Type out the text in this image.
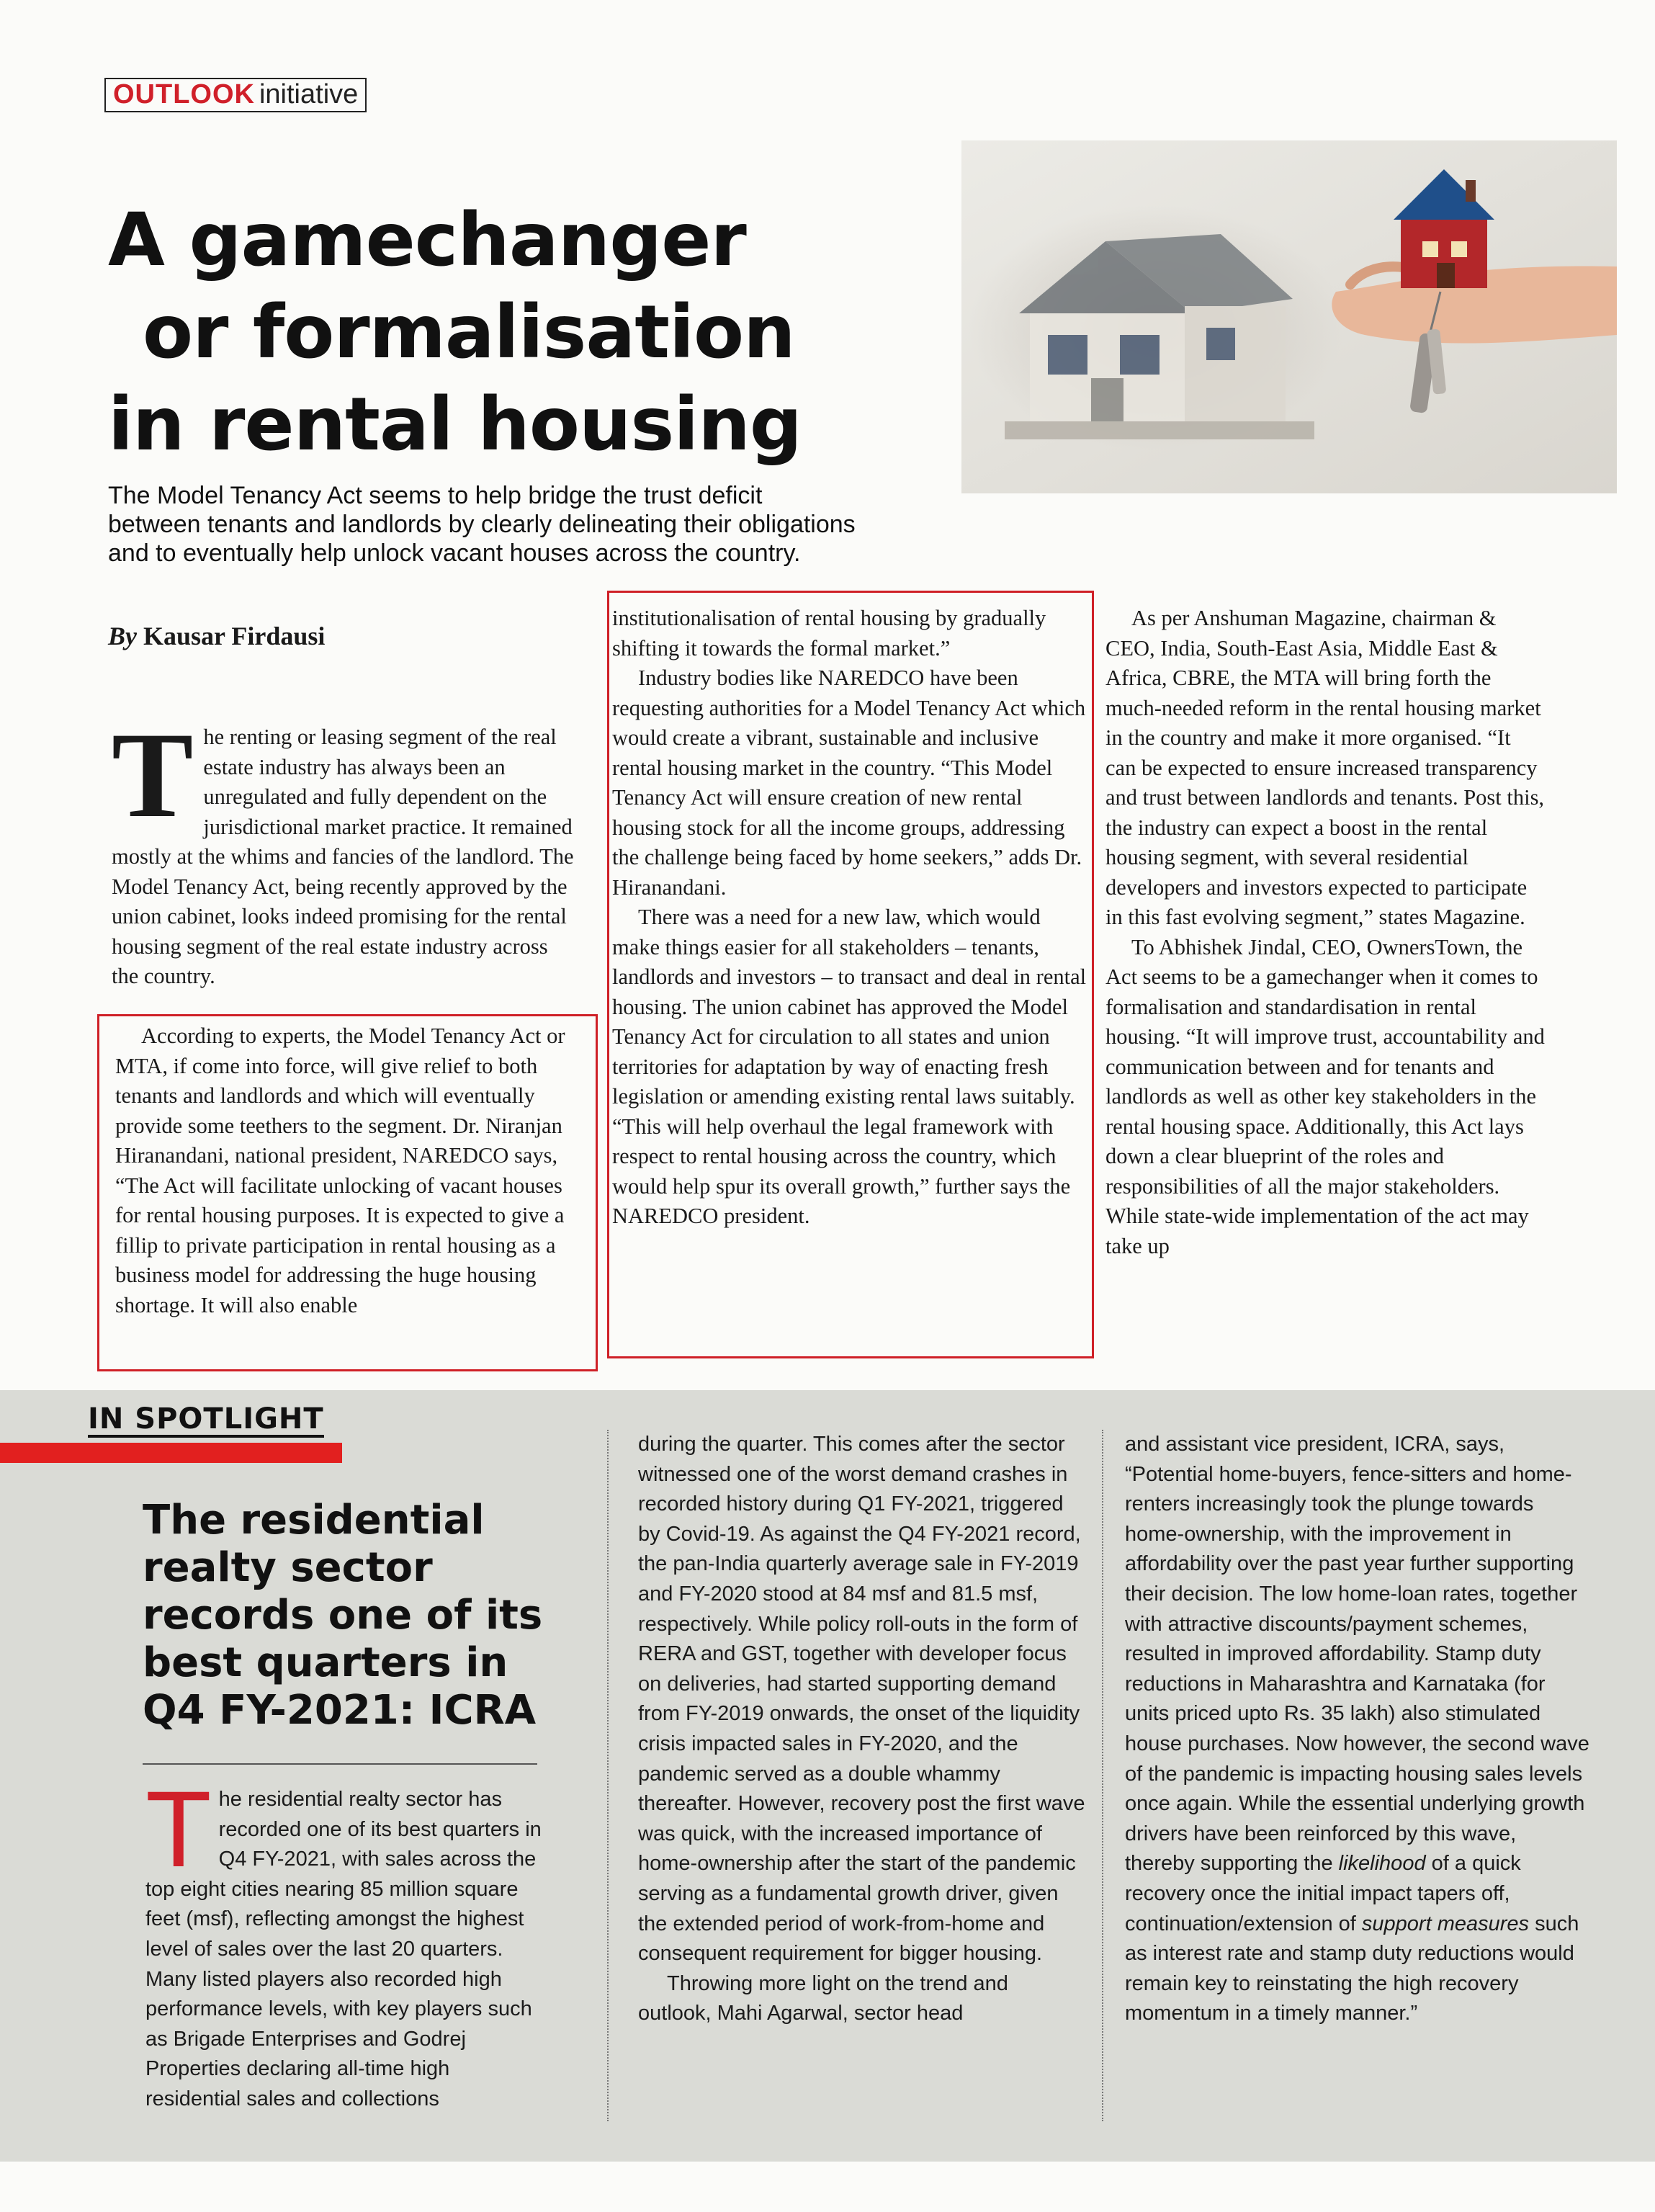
OUTLOOK initiative
A gamechanger
or formalisation
in rental housing
The Model Tenancy Act seems to help bridge the trust deficit
between tenants and landlords by clearly delineating their obligations
and to eventually help unlock vacant houses across the country.
By Kausar Firdausi
T he renting or leasing segment of the real estate industry has always been an unregulated and fully dependent on the jurisdictional market practice. It remained mostly at the whims and fancies of the landlord. The Model Tenancy Act, being recently approved by the union cabinet, looks indeed promising for the rental housing segment of the real estate industry across the country.

According to experts, the Model Tenancy Act or MTA, if come into force, will give relief to both tenants and landlords and which will eventually provide some teethers to the segment. Dr. Niranjan Hiranandani, national president, NAREDCO says, “The Act will facilitate unlocking of vacant houses for rental housing purposes. It is expected to give a fillip to private participation in rental housing as a business model for addressing the huge housing shortage. It will also enable

institutionalisation of rental housing by gradually shifting it towards the formal market.”

Industry bodies like NAREDCO have been requesting authorities for a Model Tenancy Act which would create a vibrant, sustainable and inclusive rental housing market in the country. “This Model Tenancy Act will ensure creation of new rental housing stock for all the income groups, addressing the challenge being faced by home seekers,” adds Dr. Hiranandani.

There was a need for a new law, which would make things easier for all stakeholders – tenants, landlords and investors – to transact and deal in rental housing. The union cabinet has approved the Model Tenancy Act for circulation to all states and union territories for adaptation by way of enacting fresh legislation or amending existing rental laws suitably. “This will help overhaul the legal framework with respect to rental housing across the country, which would help spur its overall growth,” further says the NAREDCO president.

As per Anshuman Magazine, chairman & CEO, India, South-East Asia, Middle East & Africa, CBRE, the MTA will bring forth the much-needed reform in the rental housing market in the country and make it more organised. “It can be expected to ensure increased transparency and trust between landlords and tenants. Post this, the industry can expect a boost in the rental housing segment, with several residential developers and investors expected to participate in this fast evolving segment,” states Magazine.

To Abhishek Jindal, CEO, OwnersTown, the Act seems to be a gamechanger when it comes to formalisation and standardisation in rental housing. “It will improve trust, accountability and communication between and for tenants and landlords as well as other key stakeholders in the rental housing space. Additionally, this Act lays down a clear blueprint of the roles and responsibilities of all the major stakeholders. While state-wide implementation of the act may take up

IN SPOTLIGHT
The residential realty sector records one of its best quarters in Q4 FY-2021: ICRA
T he residential realty sector has recorded one of its best quarters in Q4 FY-2021, with sales across the top eight cities nearing 85 million square feet (msf), reflecting amongst the highest level of sales over the last 20 quarters. Many listed players also recorded high performance levels, with key players such as Brigade Enterprises and Godrej Properties declaring all-time high residential sales and collections

during the quarter. This comes after the sector witnessed one of the worst demand crashes in recorded history during Q1 FY-2021, triggered by Covid-19. As against the Q4 FY-2021 record, the pan-India quarterly average sale in FY-2019 and FY-2020 stood at 84 msf and 81.5 msf, respectively. While policy roll-outs in the form of RERA and GST, together with developer focus on deliveries, had started supporting demand from FY-2019 onwards, the onset of the liquidity crisis impacted sales in FY-2020, and the pandemic served as a double whammy thereafter. However, recovery post the first wave was quick, with the increased importance of home-ownership after the start of the pandemic serving as a fundamental growth driver, given the extended period of work-from-home and consequent requirement for bigger housing.

Throwing more light on the trend and outlook, Mahi Agarwal, sector head

and assistant vice president, ICRA, says, “Potential home-buyers, fence-sitters and home-renters increasingly took the plunge towards home-ownership, with the improvement in affordability over the past year further supporting their decision. The low home-loan rates, together with attractive discounts/payment schemes, resulted in improved affordability. Stamp duty reductions in Maharashtra and Karnataka (for units priced upto Rs. 35 lakh) also stimulated house purchases. Now however, the second wave of the pandemic is impacting housing sales levels once again. While the essential underlying growth drivers have been reinforced by this wave, thereby supporting the likelihood of a quick recovery once the initial impact tapers off, continuation/extension of support measures such as interest rate and stamp duty reductions would remain key to reinstating the high recovery momentum in a timely manner.”
